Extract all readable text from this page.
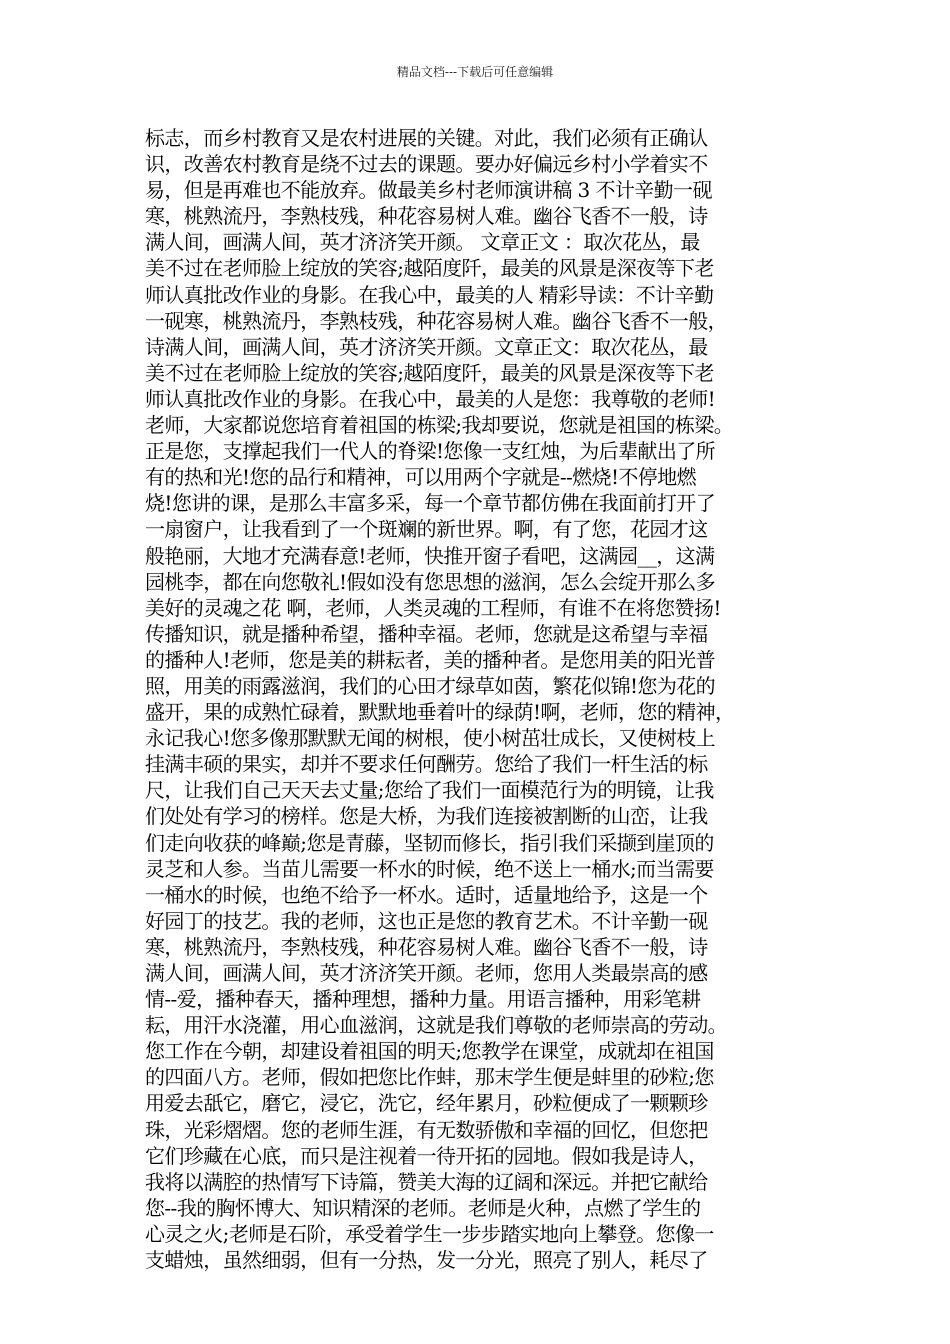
精品文档---下载后可任意编辑
标志，而乡村教育又是农村进展的关键。对此，我们必须有正确认
识，改善农村教育是绕不过去的课题。要办好偏远乡村小学着实不
易，但是再难也不能放弃。做最美乡村老师演讲稿 3 不计辛勤一砚
寒，桃熟流丹，李熟枝残，种花容易树人难。幽谷飞香不一般，诗
满人间，画满人间，英才济济笑开颜。 文章正文 ：取次花丛，最
美不过在老师脸上绽放的笑容;越陌度阡，最美的风景是深夜等下老
师认真批改作业的身影。在我心中，最美的人 精彩导读：不计辛勤
一砚寒，桃熟流丹，李熟枝残，种花容易树人难。幽谷飞香不一般，
诗满人间，画满人间，英才济济笑开颜。文章正文：取次花丛，最
美不过在老师脸上绽放的笑容;越陌度阡，最美的风景是深夜等下老
师认真批改作业的身影。在我心中，最美的人是您：我尊敬的老师!
老师，大家都说您培育着祖国的栋梁;我却要说，您就是祖国的栋梁。
正是您，支撑起我们一代人的脊梁!您像一支红烛，为后辈献出了所
有的热和光!您的品行和精神，可以用两个字就是--燃烧!不停地燃
烧!您讲的课，是那么丰富多采，每一个章节都仿佛在我面前打开了
一扇窗户，让我看到了一个斑斓的新世界。啊，有了您，花园才这
般艳丽，大地才充满春意!老师，快推开窗子看吧，这满园__，这满
园桃李，都在向您敬礼!假如没有您思想的滋润，怎么会绽开那么多
美好的灵魂之花 啊，老师，人类灵魂的工程师，有谁不在将您赞扬!
传播知识，就是播种希望，播种幸福。老师，您就是这希望与幸福
的播种人!老师，您是美的耕耘者，美的播种者。是您用美的阳光普
照，用美的雨露滋润，我们的心田才绿草如茵，繁花似锦!您为花的
盛开，果的成熟忙碌着，默默地垂着叶的绿荫!啊，老师，您的精神，
永记我心!您多像那默默无闻的树根，使小树茁壮成长，又使树枝上
挂满丰硕的果实，却并不要求任何酬劳。您给了我们一杆生活的标
尺，让我们自己天天去丈量;您给了我们一面模范行为的明镜，让我
们处处有学习的榜样。您是大桥，为我们连接被割断的山峦，让我
们走向收获的峰巅;您是青藤，坚韧而修长，指引我们采撷到崖顶的
灵芝和人参。当苗儿需要一杯水的时候，绝不送上一桶水;而当需要
一桶水的时候，也绝不给予一杯水。适时，适量地给予，这是一个
好园丁的技艺。我的老师，这也正是您的教育艺术。不计辛勤一砚
寒，桃熟流丹，李熟枝残，种花容易树人难。幽谷飞香不一般，诗
满人间，画满人间，英才济济笑开颜。老师，您用人类最崇高的感
情--爱，播种春天，播种理想，播种力量。用语言播种，用彩笔耕
耘，用汗水浇灌，用心血滋润，这就是我们尊敬的老师崇高的劳动。
您工作在今朝，却建设着祖国的明天;您教学在课堂，成就却在祖国
的四面八方。老师，假如把您比作蚌，那末学生便是蚌里的砂粒;您
用爱去舐它，磨它，浸它，洗它，经年累月，砂粒便成了一颗颗珍
珠，光彩熠熠。您的老师生涯，有无数骄傲和幸福的回忆，但您把
它们珍藏在心底，而只是注视着一待开拓的园地。假如我是诗人，
我将以满腔的热情写下诗篇，赞美大海的辽阔和深远。并把它献给
您--我的胸怀博大、知识精深的老师。老师是火种，点燃了学生的
心灵之火;老师是石阶，承受着学生一步步踏实地向上攀登。您像一
支蜡烛，虽然细弱，但有一分热，发一分光，照亮了别人，耗尽了
